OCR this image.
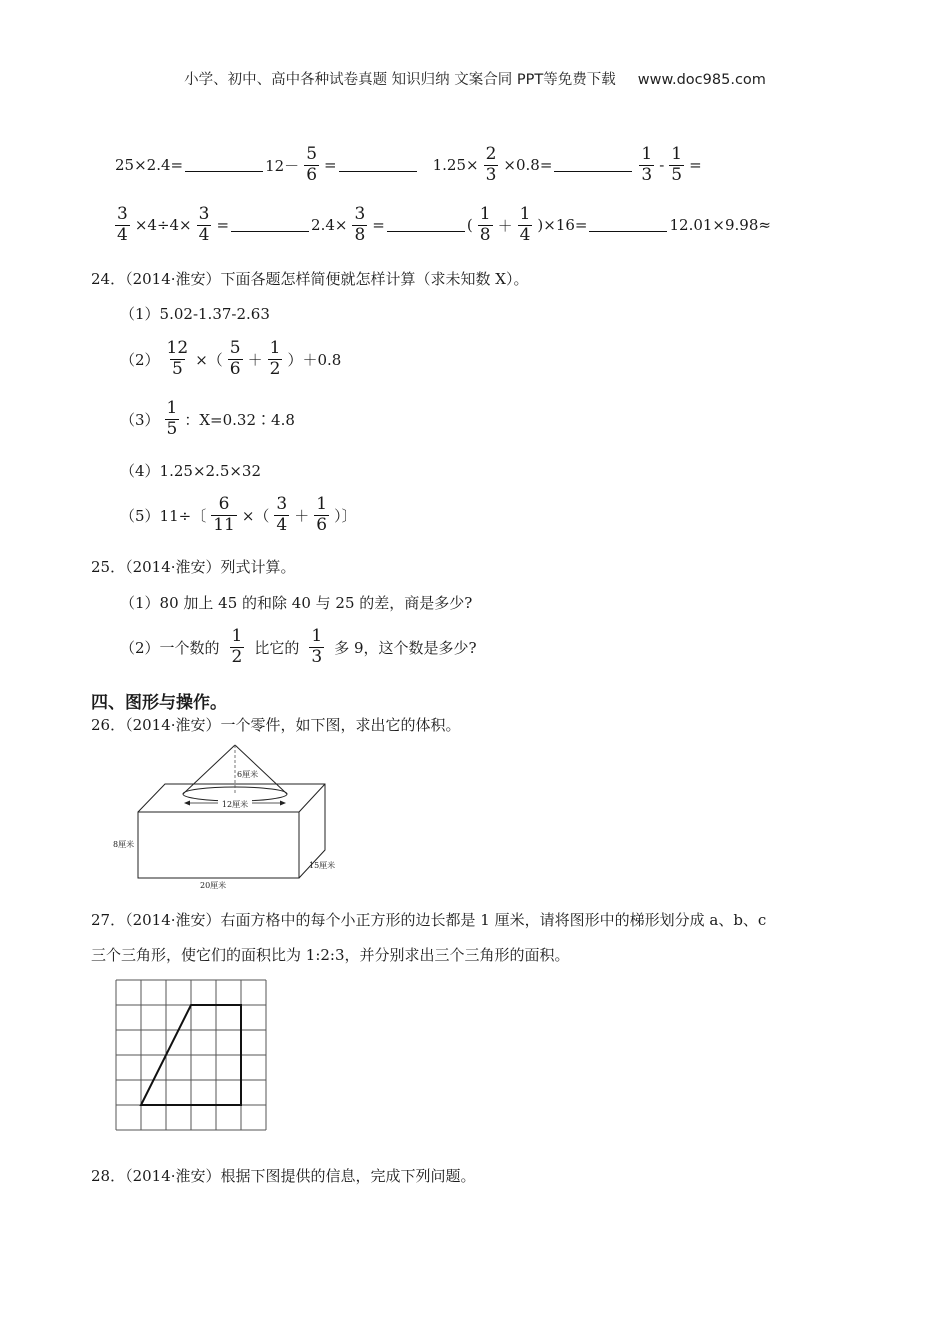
小学、初中、高中各种试卷真题 知识归纳 文案合同 PPT等免费下载 www.doc985.com
25×2.4=	$12- \frac{5}{6}$ =	$1.25\times \frac{2}{3} \times 0.8=$	$\frac{1}{3} - \frac{1}{5}$ =
$\frac{3}{4} \times 4\div 4\times \frac{3}{4}$ =	$2.4\times \frac{3}{8}$ =	( $\frac{1}{8} + \frac{1}{4} )\times 16=$	12.01×9.98≈
24．（2014·淮安）下面各题怎样简便就怎样计算（求未知数 X）。
（1）5.02-1.37-2.63
$(2) \frac{12}{5}$ ×（ $\frac{5}{6} + \frac{1}{2} )+0.8$
$(3) \frac{1}{5}$ ：X=0.32∶4.8
（4）1.25×2.5×32
（5）11÷〔 $\frac{6}{11}$ ×（ $\frac{3}{4} + \frac{1}{6}$ ）〕
25．（2014·淮安）列式计算。
（1）80 加上 45 的和除 40 与 25 的差，商是多少?
（2）一个数的 $\frac{1}{2}$ 比它的 $\frac{1}{3}$ 多 9，这个数是多少?
四、图形与操作。
26．（2014·淮安）一个零件，如下图，求出它的体积。
6厘米
12厘米
8厘米
20厘米
15厘米
27．（2014·淮安）右面方格中的每个小正方形的边长都是 1 厘米，请将图形中的梯形划分成 a、b、c
三个三角形，使它们的面积比为 1:2:3，并分别求出三个三角形的面积。
28．（2014·淮安）根据下图提供的信息，完成下列问题。
